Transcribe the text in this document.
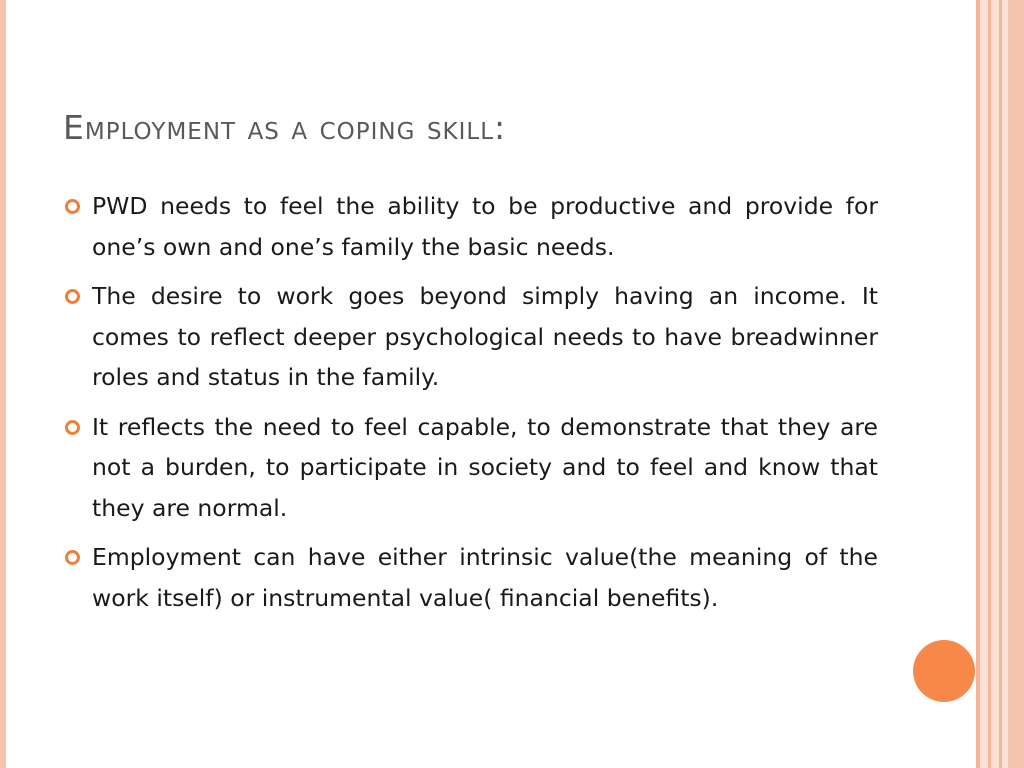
Employment as a coping skill:
PWD needs to feel the ability to be productive and provide for one’s own and one’s family the basic needs.
The desire to work goes beyond simply having an income. It comes to reflect deeper psychological needs to have breadwinner roles and status in the family.
It reflects the need to feel capable, to demonstrate that they are not a burden, to participate in society and to feel and know that they are normal.
Employment can have either intrinsic value(the meaning of the work itself) or instrumental value( financial benefits).
